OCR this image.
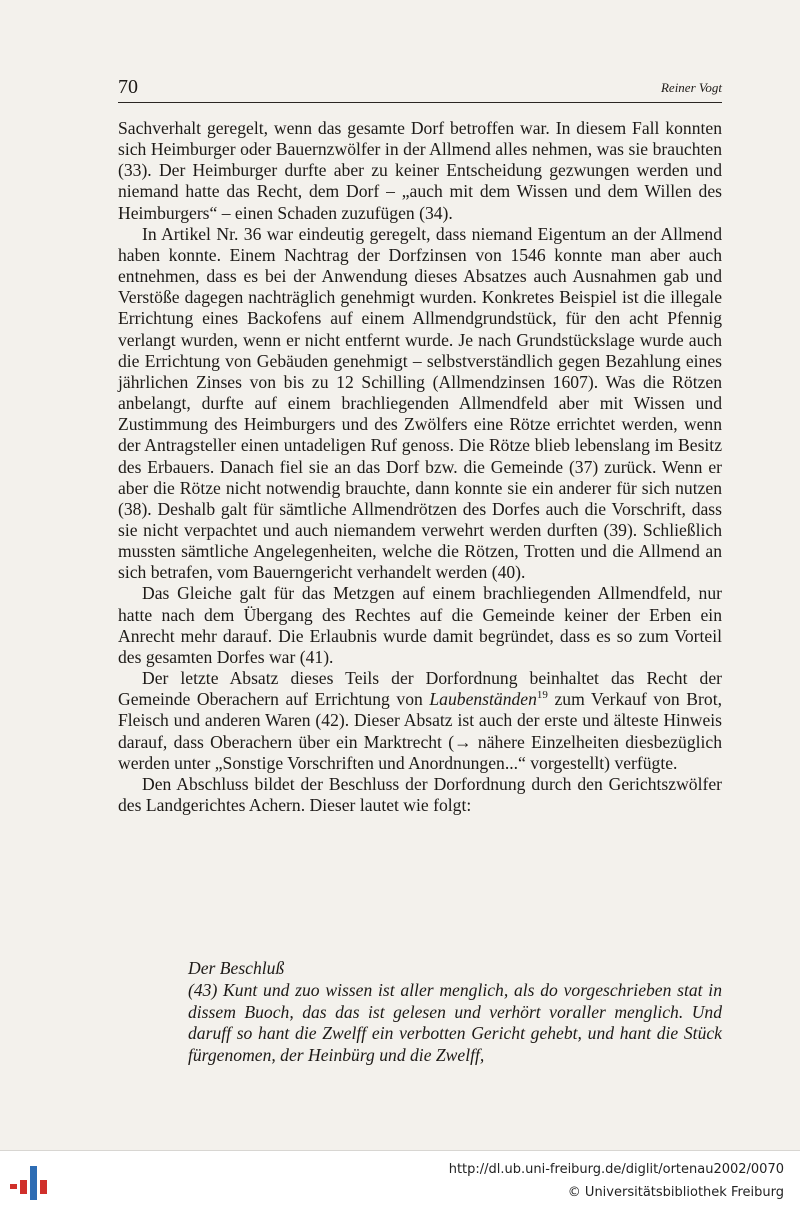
70	Reiner Vogt

Sachverhalt geregelt, wenn das gesamte Dorf betroffen war. In diesem Fall konnten sich Heimburger oder Bauernzwölfer in der Allmend alles nehmen, was sie brauchten (33). Der Heimburger durfte aber zu keiner Entscheidung gezwungen werden und niemand hatte das Recht, dem Dorf – „auch mit dem Wissen und dem Willen des Heimburgers“ – einen Schaden zuzufügen (34).

In Artikel Nr. 36 war eindeutig geregelt, dass niemand Eigentum an der Allmend haben konnte. Einem Nachtrag der Dorfzinsen von 1546 konnte man aber auch entnehmen, dass es bei der Anwendung dieses Absatzes auch Ausnahmen gab und Verstöße dagegen nachträglich genehmigt wurden. Konkretes Beispiel ist die illegale Errichtung eines Backofens auf einem Allmendgrundstück, für den acht Pfennig verlangt wurden, wenn er nicht entfernt wurde. Je nach Grundstückslage wurde auch die Errichtung von Gebäuden genehmigt – selbstverständlich gegen Bezahlung eines jährlichen Zinses von bis zu 12 Schilling (Allmendzinsen 1607). Was die Rötzen anbelangt, durfte auf einem brachliegenden Allmendfeld aber mit Wissen und Zustimmung des Heimburgers und des Zwölfers eine Rötze errichtet werden, wenn der Antragsteller einen untadeligen Ruf genoss. Die Rötze blieb lebenslang im Besitz des Erbauers. Danach fiel sie an das Dorf bzw. die Gemeinde (37) zurück. Wenn er aber die Rötze nicht notwendig brauchte, dann konnte sie ein anderer für sich nutzen (38). Deshalb galt für sämtliche Allmendrötzen des Dorfes auch die Vorschrift, dass sie nicht verpachtet und auch niemandem verwehrt werden durften (39). Schließlich mussten sämtliche Angelegenheiten, welche die Rötzen, Trotten und die Allmend an sich betrafen, vom Bauerngericht verhandelt werden (40).

Das Gleiche galt für das Metzgen auf einem brachliegenden Allmendfeld, nur hatte nach dem Übergang des Rechtes auf die Gemeinde keiner der Erben ein Anrecht mehr darauf. Die Erlaubnis wurde damit begründet, dass es so zum Vorteil des gesamten Dorfes war (41).

Der letzte Absatz dieses Teils der Dorfordnung beinhaltet das Recht der Gemeinde Oberachern auf Errichtung von Laubenständen$^{19}$ zum Verkauf von Brot, Fleisch und anderen Waren (42). Dieser Absatz ist auch der erste und älteste Hinweis darauf, dass Oberachern über ein Marktrecht (→ nähere Einzelheiten diesbezüglich werden unter „Sonstige Vorschriften und Anordnungen...“ vorgestellt) verfügte.

Den Abschluss bildet der Beschluss der Dorfordnung durch den Gerichtszwölfer des Landgerichtes Achern. Dieser lautet wie folgt:

Der Beschluß

(43) Kunt und zuo wissen ist aller menglich, als do vorgeschrieben stat in dissem Buoch, das das ist gelesen und verhört voraller menglich. Und daruff so hant die Zwelff ein verbotten Gericht gehebt, und hant die Stück fürgenomen, der Heinbürg und die Zwelff,

http://dl.ub.uni-freiburg.de/diglit/ortenau2002/0070
© Universitätsbibliothek Freiburg
